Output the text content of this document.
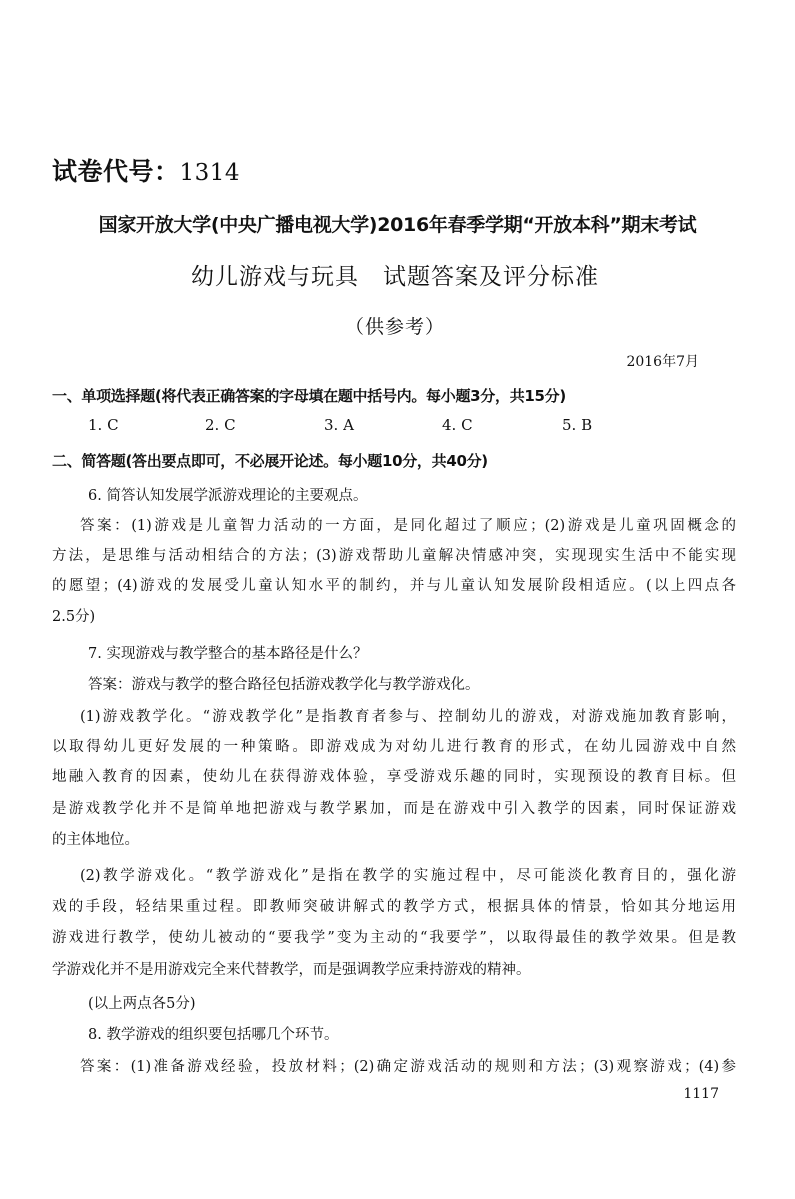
试卷代号：1314
国家开放大学(中央广播电视大学)2016年春季学期“开放本科”期末考试
幼儿游戏与玩具　试题答案及评分标准
（供参考）
2016年7月
一、单项选择题(将代表正确答案的字母填在题中括号内。每小题3分，共15分)
1. C	2. C	3. A	4. C	5. B
二、简答题(答出要点即可，不必展开论述。每小题10分，共40分)
6. 简答认知发展学派游戏理论的主要观点。
答案：(1)游戏是儿童智力活动的一方面，是同化超过了顺应；(2)游戏是儿童巩固概念的
方法，是思维与活动相结合的方法；(3)游戏帮助儿童解决情感冲突，实现现实生活中不能实现
的愿望；(4)游戏的发展受儿童认知水平的制约，并与儿童认知发展阶段相适应。(以上四点各
2.5分)
7. 实现游戏与教学整合的基本路径是什么？
答案：游戏与教学的整合路径包括游戏教学化与教学游戏化。
(1)游戏教学化。“游戏教学化”是指教育者参与、控制幼儿的游戏，对游戏施加教育影响，
以取得幼儿更好发展的一种策略。即游戏成为对幼儿进行教育的形式，在幼儿园游戏中自然
地融入教育的因素，使幼儿在获得游戏体验，享受游戏乐趣的同时，实现预设的教育目标。但
是游戏教学化并不是简单地把游戏与教学累加，而是在游戏中引入教学的因素，同时保证游戏
的主体地位。
(2)教学游戏化。“教学游戏化”是指在教学的实施过程中，尽可能淡化教育目的，强化游
戏的手段，轻结果重过程。即教师突破讲解式的教学方式，根据具体的情景，恰如其分地运用
游戏进行教学，使幼儿被动的“要我学”变为主动的“我要学”，以取得最佳的教学效果。但是教
学游戏化并不是用游戏完全来代替教学，而是强调教学应秉持游戏的精神。
(以上两点各5分)
8. 教学游戏的组织要包括哪几个环节。
答案：(1)准备游戏经验，投放材料；(2)确定游戏活动的规则和方法；(3)观察游戏；(4)参
1117
